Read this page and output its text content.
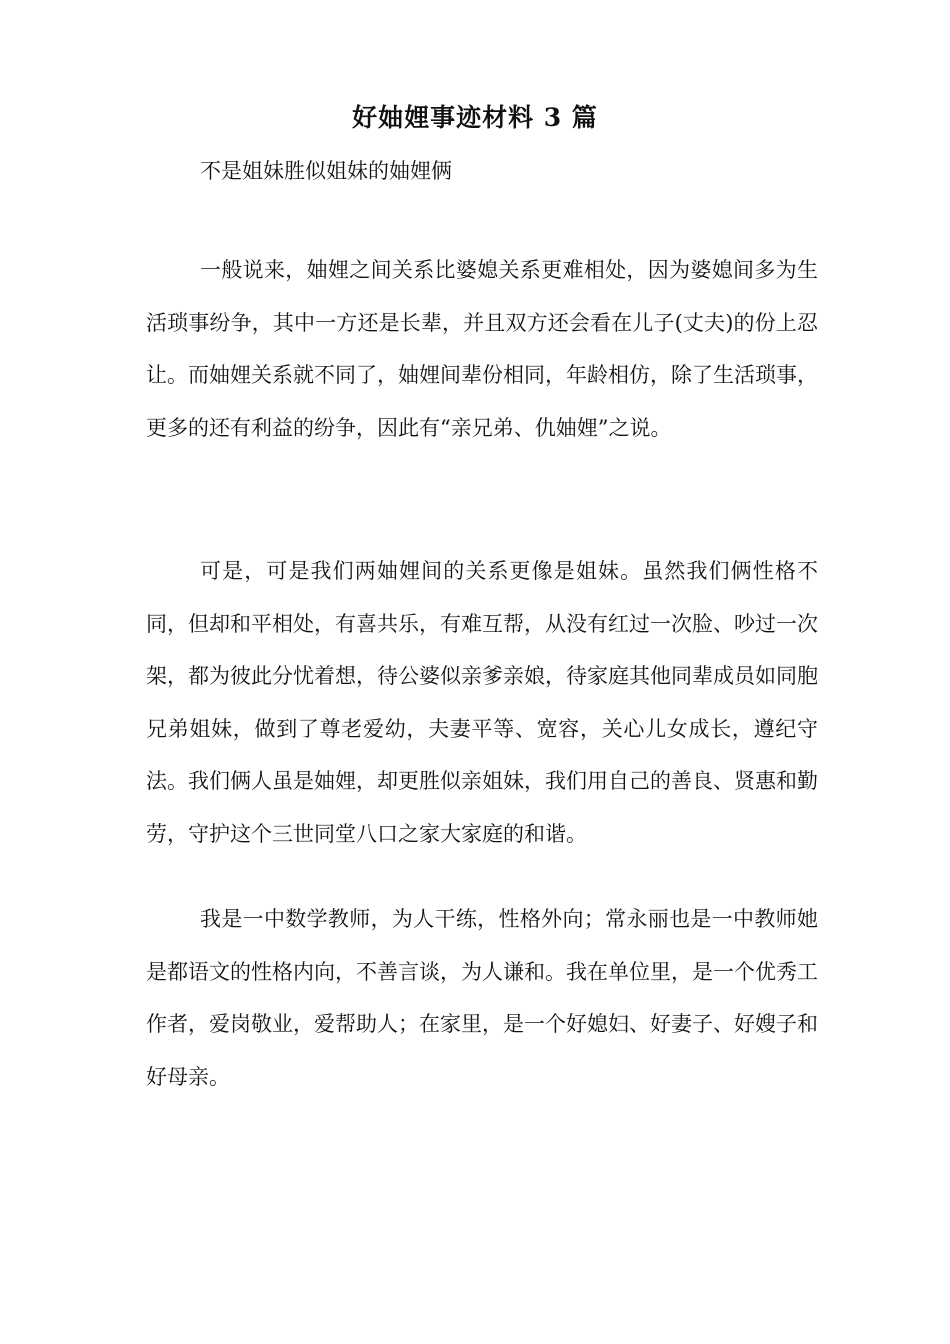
好妯娌事迹材料 3 篇
不是姐妹胜似姐妹的妯娌俩

一般说来，妯娌之间关系比婆媳关系更难相处，因为婆媳间多为生活琐事纷争，其中一方还是长辈，并且双方还会看在儿子(丈夫)的份上忍让。而妯娌关系就不同了，妯娌间辈份相同，年龄相仿，除了生活琐事，更多的还有利益的纷争，因此有“亲兄弟、仇妯娌”之说。

可是，可是我们两妯娌间的关系更像是姐妹。虽然我们俩性格不同，但却和平相处，有喜共乐，有难互帮，从没有红过一次脸、吵过一次架，都为彼此分忧着想，待公婆似亲爹亲娘，待家庭其他同辈成员如同胞兄弟姐妹，做到了尊老爱幼，夫妻平等、宽容，关心儿女成长，遵纪守法。我们俩人虽是妯娌，却更胜似亲姐妹，我们用自己的善良、贤惠和勤劳，守护这个三世同堂八口之家大家庭的和谐。

我是一中数学教师，为人干练，性格外向；常永丽也是一中教师她是都语文的性格内向，不善言谈，为人谦和。我在单位里，是一个优秀工作者，爱岗敬业，爱帮助人；在家里，是一个好媳妇、好妻子、好嫂子和好母亲。
